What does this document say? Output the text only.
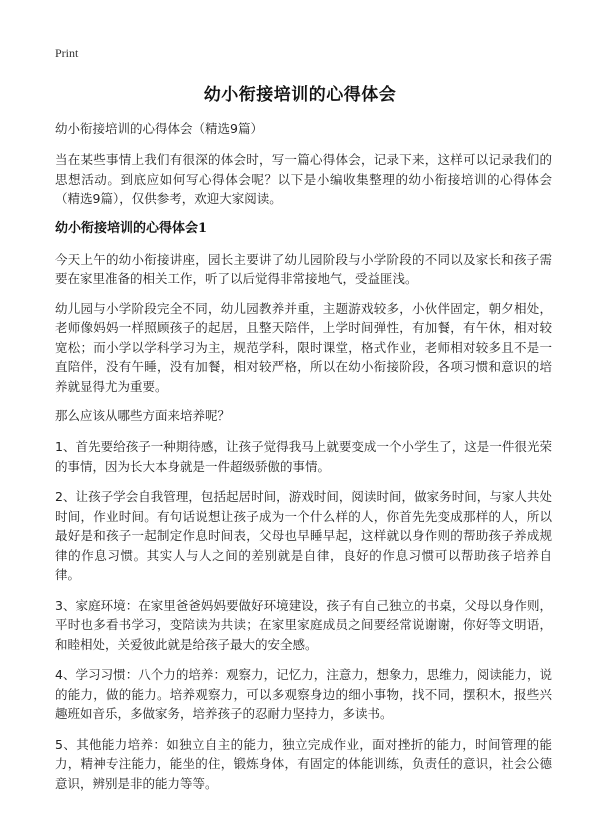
Print
幼小衔接培训的心得体会

幼小衔接培训的心得体会（精选9篇）

当在某些事情上我们有很深的体会时，写一篇心得体会，记录下来，这样可以记录我们的思想活动。到底应如何写心得体会呢？以下是小编收集整理的幼小衔接培训的心得体会（精选9篇），仅供参考，欢迎大家阅读。

幼小衔接培训的心得体会1

今天上午的幼小衔接讲座，园长主要讲了幼儿园阶段与小学阶段的不同以及家长和孩子需要在家里准备的相关工作，听了以后觉得非常接地气，受益匪浅。

幼儿园与小学阶段完全不同，幼儿园教养并重，主题游戏较多，小伙伴固定，朝夕相处，老师像妈妈一样照顾孩子的起居，且整天陪伴，上学时间弹性，有加餐，有午休，相对较宽松；而小学以学科学习为主，规范学科，限时课堂，格式作业，老师相对较多且不是一直陪伴，没有午睡，没有加餐，相对较严格，所以在幼小衔接阶段，各项习惯和意识的培养就显得尤为重要。

那么应该从哪些方面来培养呢？

1、首先要给孩子一种期待感，让孩子觉得我马上就要变成一个小学生了，这是一件很光荣的事情，因为长大本身就是一件超级骄傲的事情。

2、让孩子学会自我管理，包括起居时间，游戏时间，阅读时间，做家务时间，与家人共处时间，作业时间。有句话说想让孩子成为一个什么样的人，你首先先变成那样的人，所以最好是和孩子一起制定作息时间表，父母也早睡早起，这样就以身作则的帮助孩子养成规律的作息习惯。其实人与人之间的差别就是自律，良好的作息习惯可以帮助孩子培养自律。

3、家庭环境：在家里爸爸妈妈要做好环境建设，孩子有自己独立的书桌，父母以身作则，平时也多看书学习，变陪读为共读；在家里家庭成员之间要经常说谢谢，你好等文明语，和睦相处，关爱彼此就是给孩子最大的安全感。

4、学习习惯：八个力的培养：观察力，记忆力，注意力，想象力，思维力，阅读能力，说的能力，做的能力。培养观察力，可以多观察身边的细小事物，找不同，摆积木，报些兴趣班如音乐，多做家务，培养孩子的忍耐力坚持力，多读书。

5、其他能力培养：如独立自主的能力，独立完成作业，面对挫折的能力，时间管理的能力，精神专注能力，能坐的住，锻炼身体，有固定的体能训练，负责任的意识，社会公德意识，辨别是非的能力等等。
